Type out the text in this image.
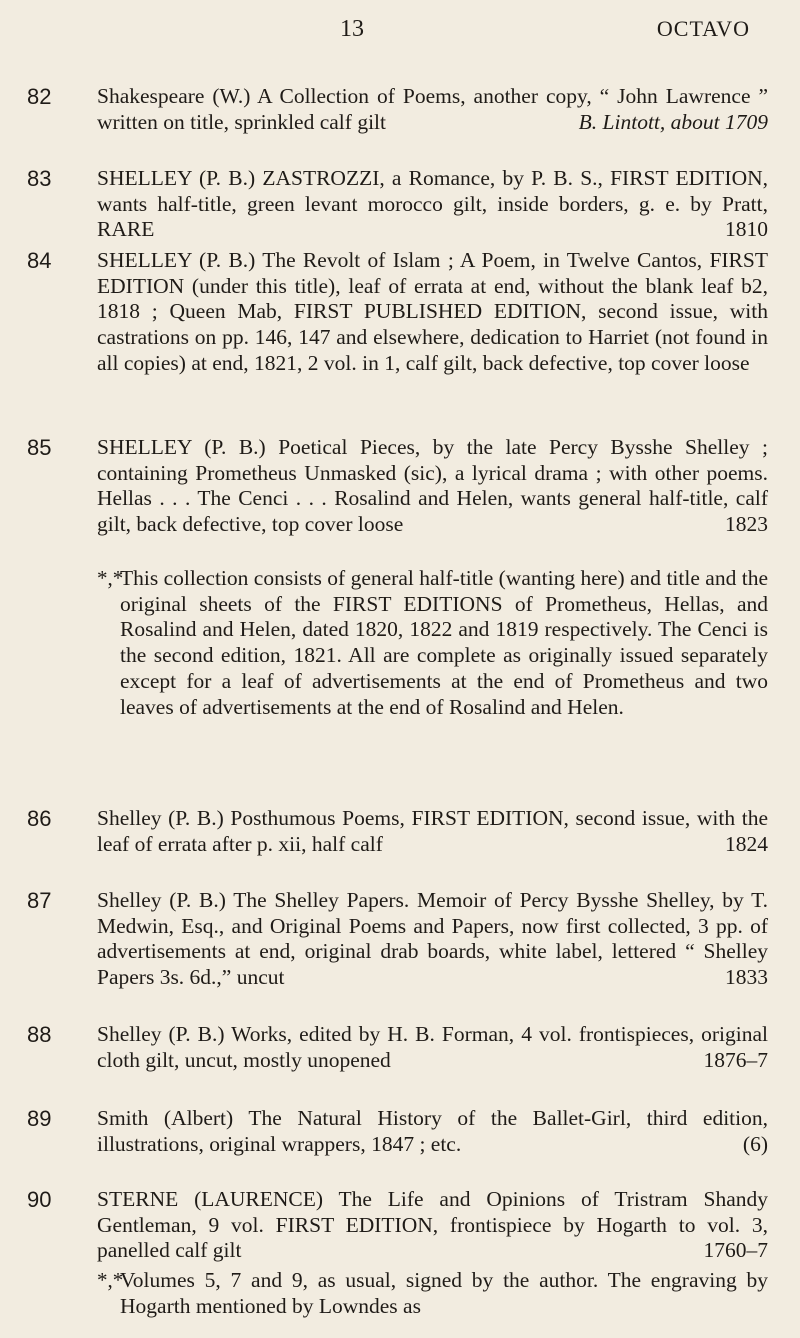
13	OCTAVO
82 Shakespeare (W.) A Collection of Poems, another copy, “ John Lawrence ” written on title, sprinkled calf gilt	B. Lintott, about 1709
83 SHELLEY (P. B.) ZASTROZZI, a Romance, by P. B. S., FIRST EDITION, wants half-title, green levant morocco gilt, inside borders, g. e. by Pratt, RARE	1810
84 SHELLEY (P. B.) The Revolt of Islam ; A Poem, in Twelve Cantos, FIRST EDITION (under this title), leaf of errata at end, without the blank leaf b2, 1818 ; Queen Mab, FIRST PUBLISHED EDITION, second issue, with castrations on pp. 146, 147 and elsewhere, dedication to Harriet (not found in all copies) at end, 1821, 2 vol. in 1, calf gilt, back defective, top cover loose
85 SHELLEY (P. B.) Poetical Pieces, by the late Percy Bysshe Shelley ; containing Prometheus Unmasked (sic), a lyrical drama ; with other poems. Hellas . . . The Cenci . . . Rosalind and Helen, wants general half-title, calf gilt, back defective, top cover loose	1823
*,*
This collection consists of general half-title (wanting here) and title and the original sheets of the FIRST EDITIONS of Prometheus, Hellas, and Rosalind and Helen, dated 1820, 1822 and 1819 respectively. The Cenci is the second edition, 1821. All are complete as originally issued separately except for a leaf of advertisements at the end of Prometheus and two leaves of advertisements at the end of Rosalind and Helen.
86 Shelley (P. B.) Posthumous Poems, FIRST EDITION, second issue, with the leaf of errata after p. xii, half calf	1824
87 Shelley (P. B.) The Shelley Papers. Memoir of Percy Bysshe Shelley, by T. Medwin, Esq., and Original Poems and Papers, now first collected, 3 pp. of advertisements at end, original drab boards, white label, lettered “ Shelley Papers 3s. 6d.,” uncut	1833
88 Shelley (P. B.) Works, edited by H. B. Forman, 4 vol. frontispieces, original cloth gilt, uncut, mostly unopened	1876–7
89 Smith (Albert) The Natural History of the Ballet-Girl, third edition, illustrations, original wrappers, 1847 ; etc.	(6)
90 STERNE (LAURENCE) The Life and Opinions of Tristram Shandy Gentleman, 9 vol. FIRST EDITION, frontispiece by Hogarth to vol. 3, panelled calf gilt	1760–7
*,*
Volumes 5, 7 and 9, as usual, signed by the author. The engraving by Hogarth mentioned by Lowndes as
